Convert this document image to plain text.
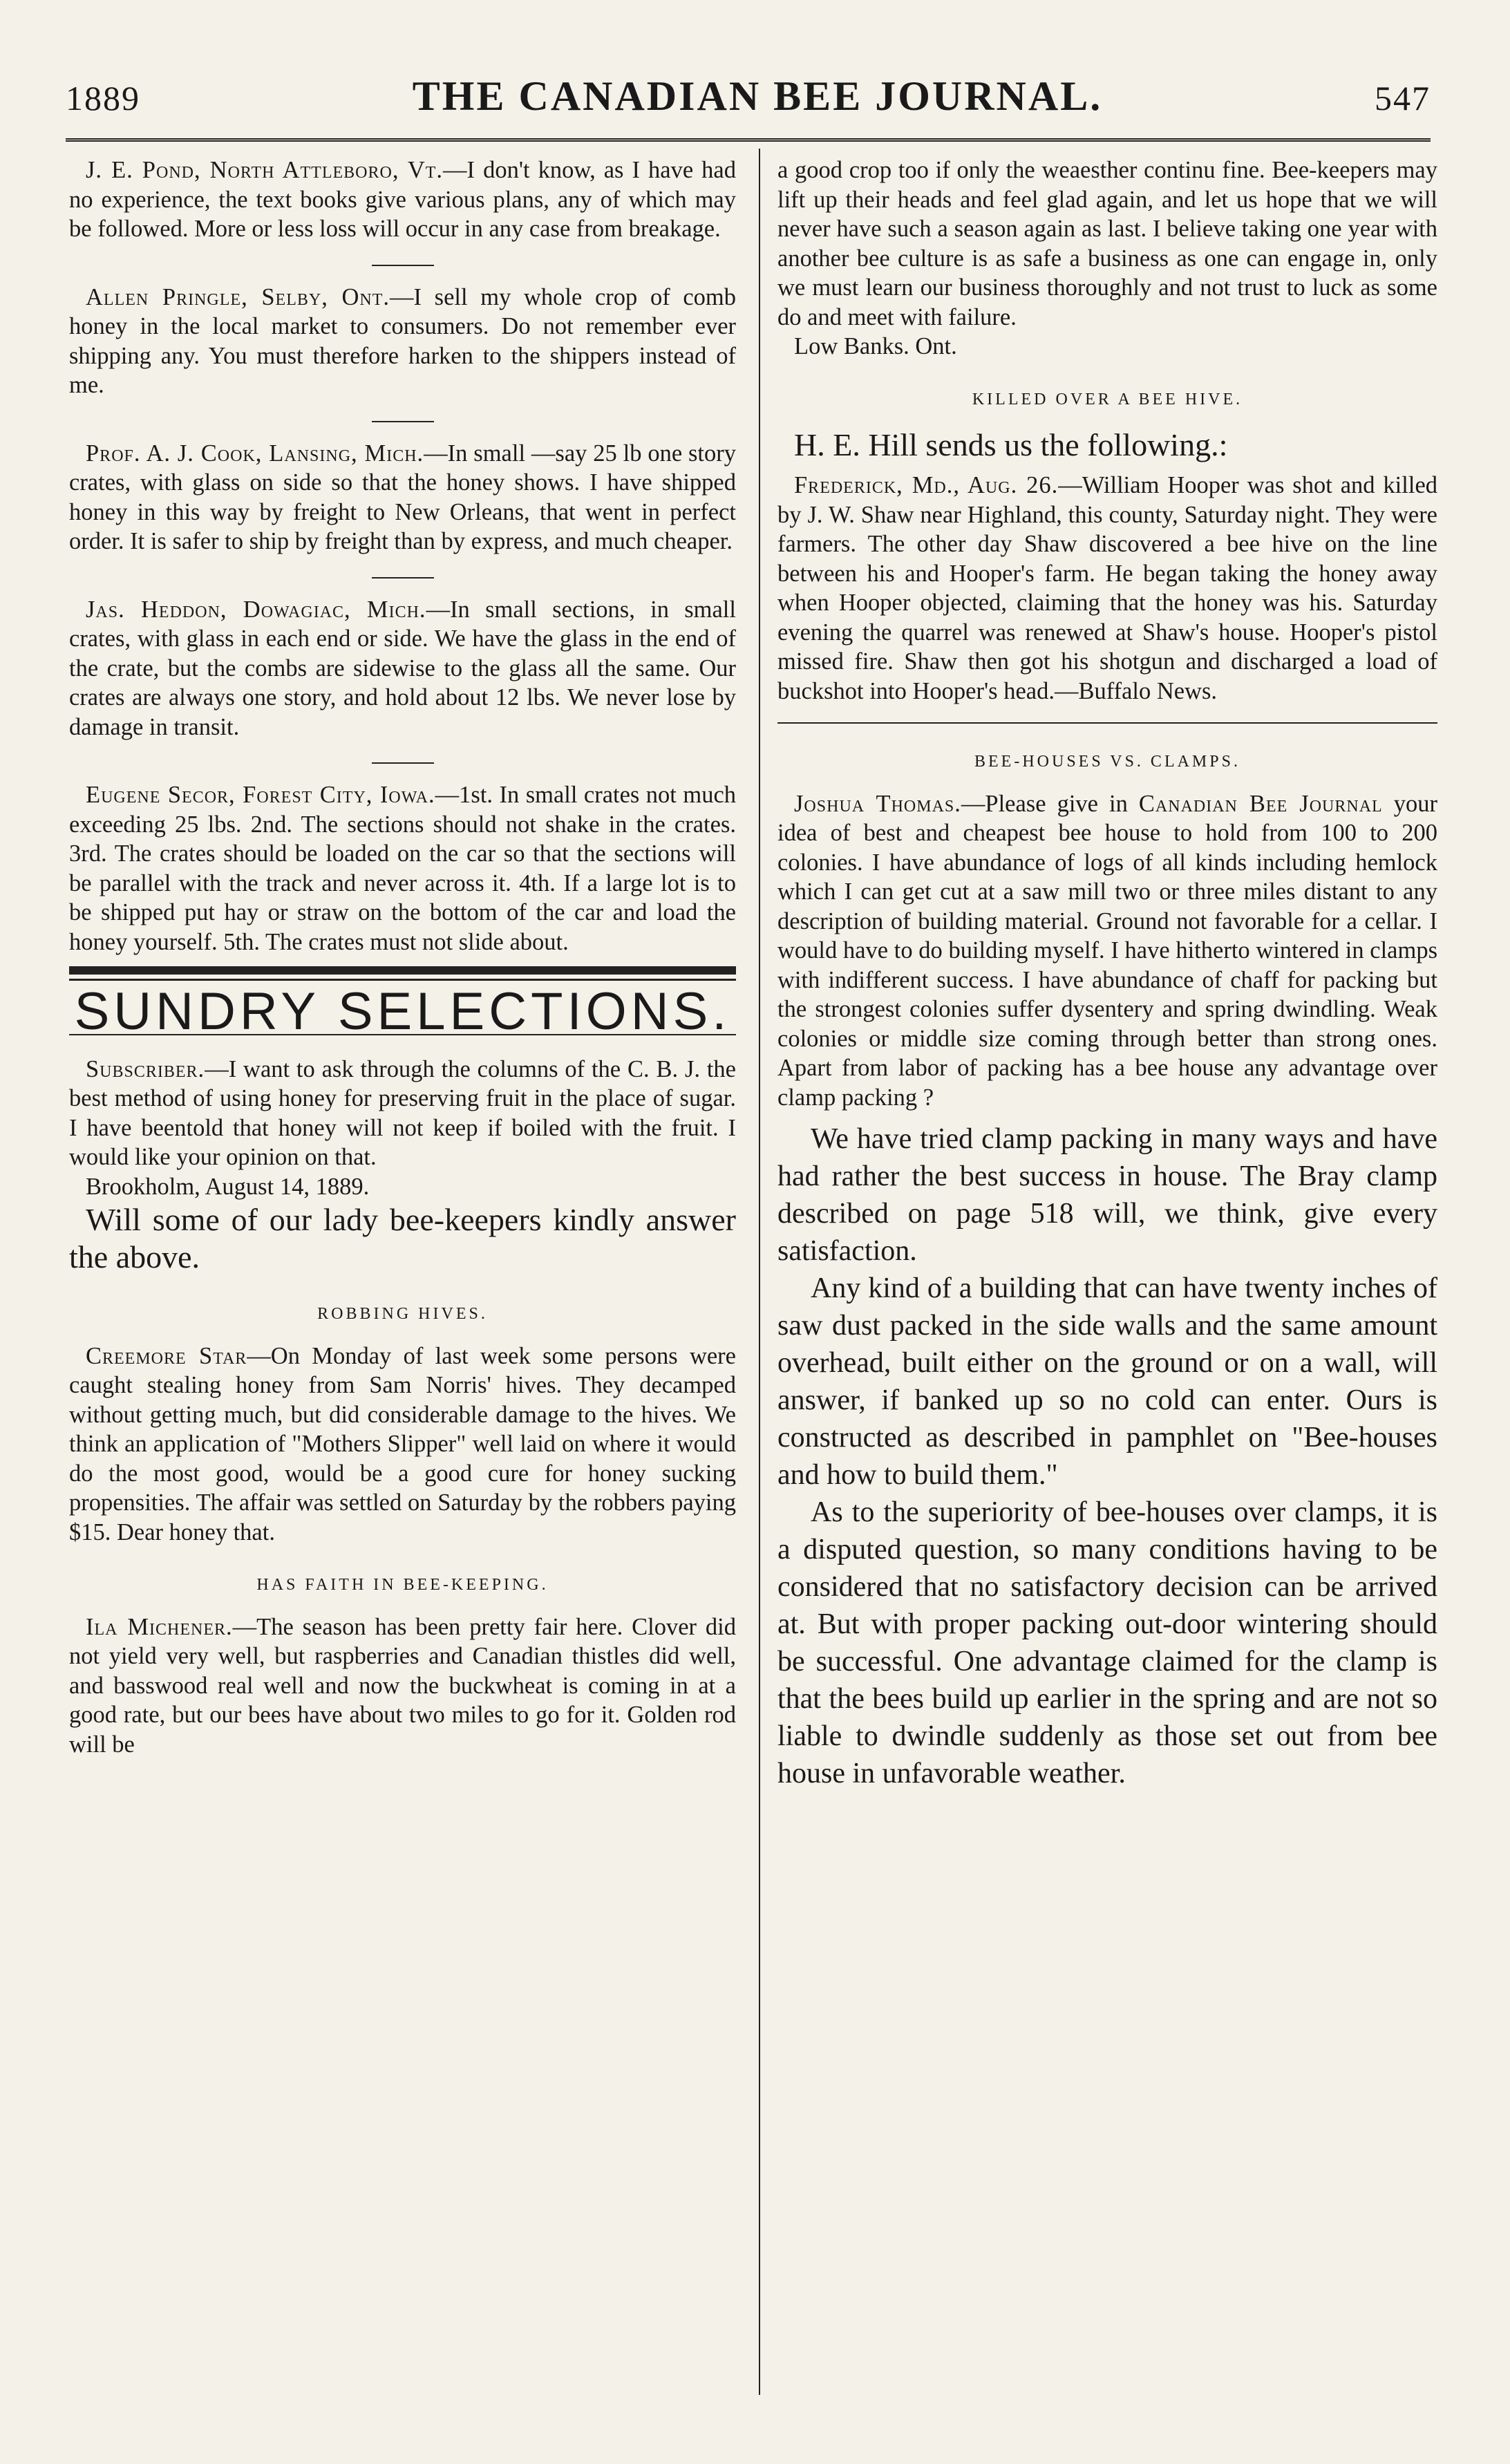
1889	THE CANADIAN BEE JOURNAL.	547

J. E. Pond, North Attleboro, Vt.—I don't know, as I have had no experience, the text books give various plans, any of which may be followed. More or less loss will occur in any case from breakage.

Allen Pringle, Selby, Ont.—I sell my whole crop of comb honey in the local market to consumers. Do not remember ever shipping any. You must therefore harken to the shippers instead of me.

Prof. A. J. Cook, Lansing, Mich.—In small —say 25 lb one story crates, with glass on side so that the honey shows. I have shipped honey in this way by freight to New Orleans, that went in perfect order. It is safer to ship by freight than by express, and much cheaper.

Jas. Heddon, Dowagiac, Mich.—In small sections, in small crates, with glass in each end or side. We have the glass in the end of the crate, but the combs are sidewise to the glass all the same. Our crates are always one story, and hold about 12 lbs. We never lose by damage in transit.

Eugene Secor, Forest City, Iowa.—1st. In small crates not much exceeding 25 lbs. 2nd. The sections should not shake in the crates. 3rd. The crates should be loaded on the car so that the sections will be parallel with the track and never across it. 4th. If a large lot is to be shipped put hay or straw on the bottom of the car and load the honey yourself. 5th. The crates must not slide about.

SUNDRY SELECTIONS.

Subscriber.—I want to ask through the columns of the C. B. J. the best method of using honey for preserving fruit in the place of sugar. I have beentold that honey will not keep if boiled with the fruit. I would like your opinion on that.

Brookholm, August 14, 1889.

Will some of our lady bee-keepers kindly answer the above.

ROBBING HIVES.

Creemore Star—On Monday of last week some persons were caught stealing honey from Sam Norris' hives. They decamped without getting much, but did considerable damage to the hives. We think an application of "Mothers Slipper" well laid on where it would do the most good, would be a good cure for honey sucking propensities. The affair was settled on Saturday by the robbers paying $15. Dear honey that.

HAS FAITH IN BEE-KEEPING.

Ila Michener.—The season has been pretty fair here. Clover did not yield very well, but raspberries and Canadian thistles did well, and basswood real well and now the buckwheat is coming in at a good rate, but our bees have about two miles to go for it. Golden rod will be

a good crop too if only the weaesther continu fine. Bee-keepers may lift up their heads and feel glad again, and let us hope that we will never have such a season again as last. I believe taking one year with another bee culture is as safe a business as one can engage in, only we must learn our business thoroughly and not trust to luck as some do and meet with failure.

Low Banks. Ont.

KILLED OVER A BEE HIVE.

H. E. Hill sends us the following.:

Frederick, Md., Aug. 26.—William Hooper was shot and killed by J. W. Shaw near Highland, this county, Saturday night. They were farmers. The other day Shaw discovered a bee hive on the line between his and Hooper's farm. He began taking the honey away when Hooper objected, claiming that the honey was his. Saturday evening the quarrel was renewed at Shaw's house. Hooper's pistol missed fire. Shaw then got his shotgun and discharged a load of buckshot into Hooper's head.—Buffalo News.

BEE-HOUSES VS. CLAMPS.

Joshua Thomas.—Please give in Canadian Bee Journal your idea of best and cheapest bee house to hold from 100 to 200 colonies. I have abundance of logs of all kinds including hemlock which I can get cut at a saw mill two or three miles distant to any description of building material. Ground not favorable for a cellar. I would have to do building myself. I have hitherto wintered in clamps with indifferent success. I have abundance of chaff for packing but the strongest colonies suffer dysentery and spring dwindling. Weak colonies or middle size coming through better than strong ones. Apart from labor of packing has a bee house any advantage over clamp packing ?

We have tried clamp packing in many ways and have had rather the best success in house. The Bray clamp described on page 518 will, we think, give every satisfaction.

Any kind of a building that can have twenty inches of saw dust packed in the side walls and the same amount overhead, built either on the ground or on a wall, will answer, if banked up so no cold can enter. Ours is constructed as described in pamphlet on "Bee-houses and how to build them."

As to the superiority of bee-houses over clamps, it is a disputed question, so many conditions having to be considered that no satisfactory decision can be arrived at. But with proper packing out-door wintering should be successful. One advantage claimed for the clamp is that the bees build up earlier in the spring and are not so liable to dwindle suddenly as those set out from bee house in unfavorable weather.
